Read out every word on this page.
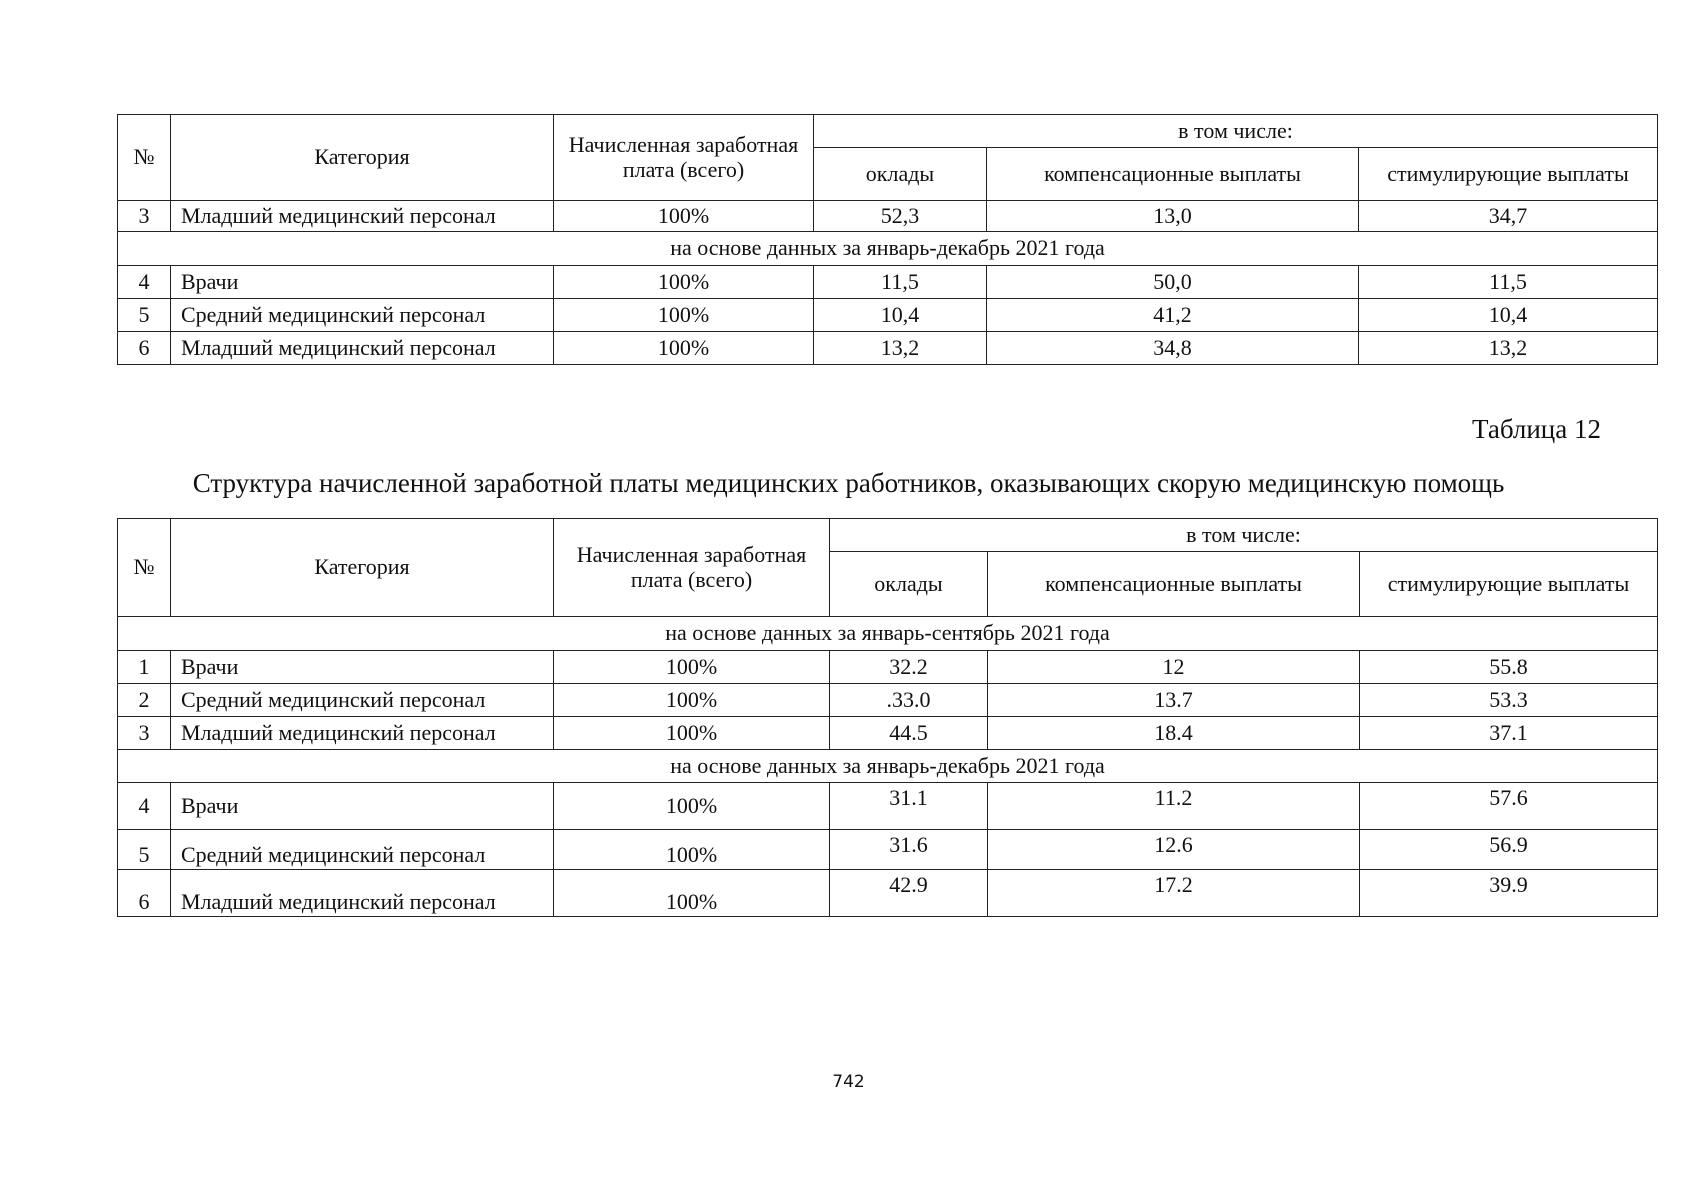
№	Категория	Начисленная заработная плата (всего)	в том числе:		
			оклады	компенсационные выплаты	стимулирующие выплаты
3	Младший медицинский персонал	100%	52,3	13,0	34,7
на основе данных за январь-декабрь 2021 года					
4	Врачи	100%	11,5	50,0	11,5
5	Средний медицинский персонал	100%	10,4	41,2	10,4
6	Младший медицинский персонал	100%	13,2	34,8	13,2
Таблица 12
Структура начисленной заработной платы медицинских работников, оказывающих скорую медицинскую помощь
№	Категория	Начисленная заработная плата (всего)	в том числе:		
			оклады	компенсационные выплаты	стимулирующие выплаты
на основе данных за январь-сентябрь 2021 года					
1	Врачи	100%	32.2	12	55.8
2	Средний медицинский персонал	100%	.33.0	13.7	53.3
3	Младший медицинский персонал	100%	44.5	18.4	37.1
на основе данных за январь-декабрь 2021 года					
4	Врачи	100%	31.1	11.2	57.6
5	Средний медицинский персонал	100%	31.6	12.6	56.9
6	Младший медицинский персонал	100%	42.9	17.2	39.9
742
